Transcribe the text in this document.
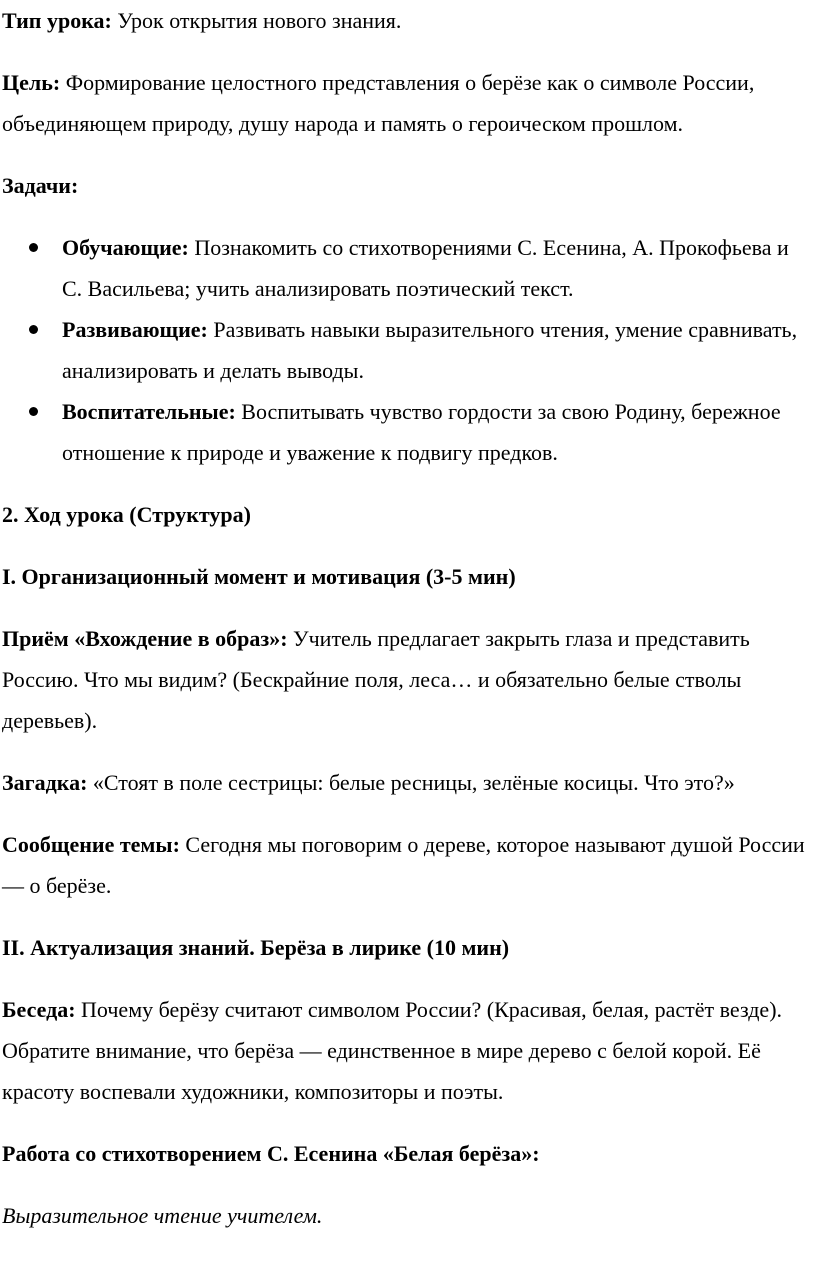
Тип урока: Урок открытия нового знания.

Цель: Формирование целостного представления о берёзе как о символе России, объединяющем природу, душу народа и память о героическом прошлом.

Задачи:

Обучающие: Познакомить со стихотворениями С. Есенина, А. Прокофьева и С. Васильева; учить анализировать поэтический текст.
Развивающие: Развивать навыки выразительного чтения, умение сравнивать, анализировать и делать выводы.
Воспитательные: Воспитывать чувство гордости за свою Родину, бережное отношение к природе и уважение к подвигу предков.

2. Ход урока (Структура)

I. Организационный момент и мотивация (3-5 мин)

Приём «Вхождение в образ»: Учитель предлагает закрыть глаза и представить Россию. Что мы видим? (Бескрайние поля, леса… и обязательно белые стволы деревьев).

Загадка: «Стоят в поле сестрицы: белые ресницы, зелёные косицы. Что это?»

Сообщение темы: Сегодня мы поговорим о дереве, которое называют душой России — о берёзе.

II. Актуализация знаний. Берёза в лирике (10 мин)

Беседа: Почему берёзу считают символом России? (Красивая, белая, растёт везде). Обратите внимание, что берёза — единственное в мире дерево с белой корой. Её красоту воспевали художники, композиторы и поэты.

Работа со стихотворением С. Есенина «Белая берёза»:

Выразительное чтение учителем.
